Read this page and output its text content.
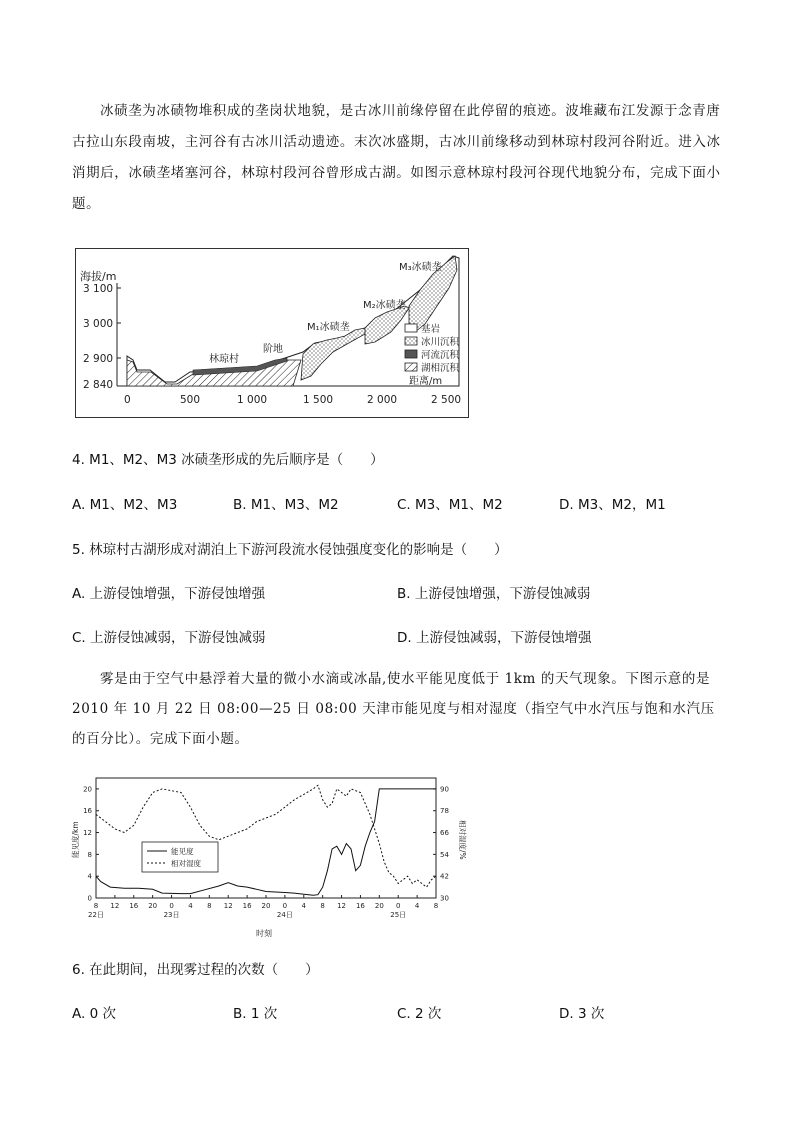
冰碛垄为冰碛物堆积成的垄岗状地貌，是古冰川前缘停留在此停留的痕迹。波堆藏布江发源于念青唐古拉山东段南坡，主河谷有古冰川活动遗迹。末次冰盛期，古冰川前缘移动到林琼村段河谷附近。进入冰消期后，冰碛垄堵塞河谷，林琼村段河谷曾形成古湖。如图示意林琼村段河谷现代地貌分布，完成下面小题。

海拔/m
3 100
3 000
2 900
2 840
林琼村
阶地
M₁冰碛垄
M₂冰碛垄
M₃冰碛垄
基岩
冰川沉积
河流沉积
湖相沉积
距离/m
0	500	1 000	1 500	2 000	2 500

4. M1、M2、M3 冰碛垄形成的先后顺序是（　　）

A. M1、M2、M3	B. M1、M3、M2	C. M3、M1、M2	D. M3、M2，M1

5. 林琼村古湖形成对湖泊上下游河段流水侵蚀强度变化的影响是（　　）

A. 上游侵蚀增强，下游侵蚀增强	B. 上游侵蚀增强，下游侵蚀减弱

C. 上游侵蚀减弱，下游侵蚀减弱	D. 上游侵蚀减弱，下游侵蚀增强

雾是由于空气中悬浮着大量的微小水滴或冰晶,使水平能见度低于 1km 的天气现象。下图示意的是 2010 年 10 月 22 日 08:00—25 日 08:00 天津市能见度与相对湿度（指空气中水汽压与饱和水汽压的百分比）。完成下面小题。

0
4
8
12
16
20
30
42
54
66
78
90
8 12 16 20 0 4 8 12 16 20 0 4 8 12 16 20 0 4 8
22日	23日	24日	25日
能见度
相对湿度
能见度/km	相对湿度/%
时刻

6. 在此期间，出现雾过程的次数（　　）

A. 0 次	B. 1 次	C. 2 次	D. 3 次
